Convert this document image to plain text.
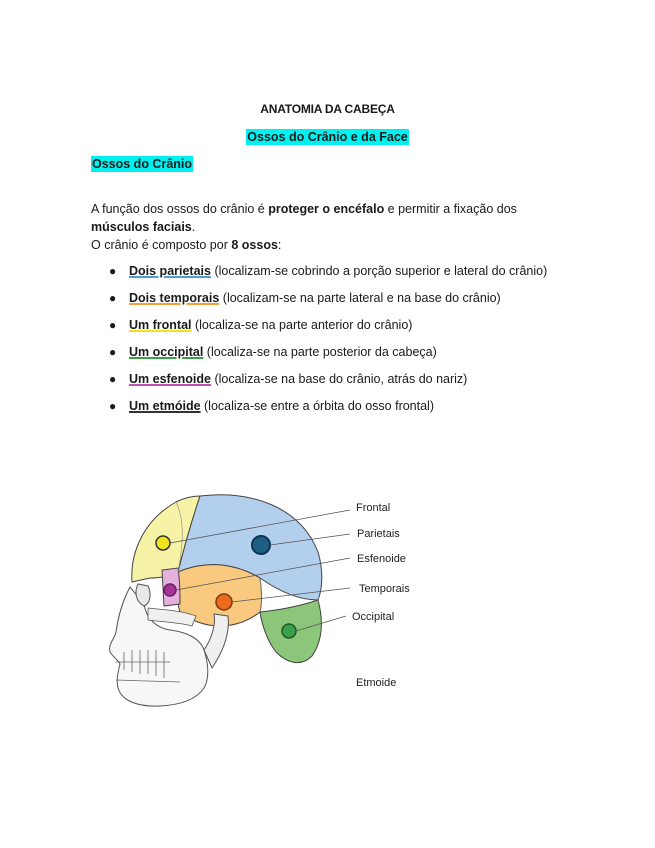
ANATOMIA DA CABEÇA
Ossos do Crânio e da Face
Ossos do Crânio
A função dos ossos do crânio é proteger o encéfalo e permitir a fixação dos
músculos faciais.
O crânio é composto por 8 ossos:
● Dois parietais (localizam-se cobrindo a porção superior e lateral do crânio)
● Dois temporais (localizam-se na parte lateral e na base do crânio)
● Um frontal (localiza-se na parte anterior do crânio)
● Um occipital (localiza-se na parte posterior da cabeça)
● Um esfenoide (localiza-se na base do crânio, atrás do nariz)
● Um etmóide (localiza-se entre a órbita do osso frontal)
Frontal
Parietais
Esfenoide
Temporais
Occipital
Etmoide
